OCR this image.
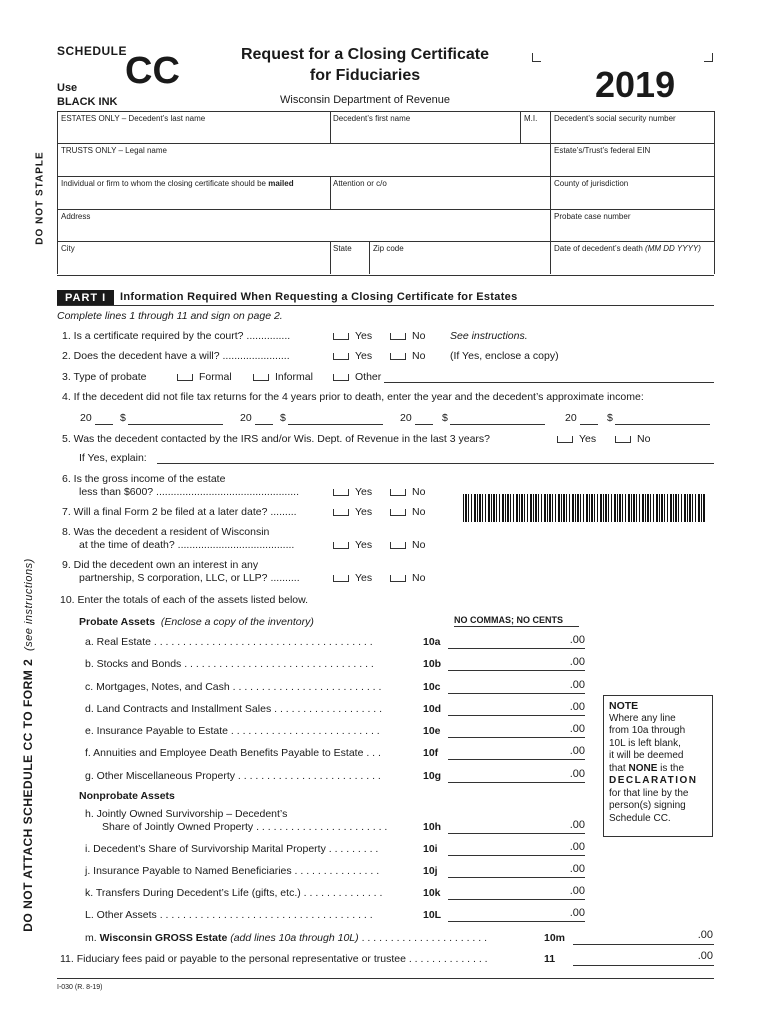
SCHEDULE
CC
Use
BLACK INK
Request for a Closing Certificate
for Fiduciaries
Wisconsin Department of Revenue	2019
DO NOT STAPLE
DO NOT ATTACH SCHEDULE CC TO FORM 2  (see instructions)
ESTATES ONLY – Decedent’s last name	Decedent’s first name	M.I. Decedent’s social security number
TRUSTS ONLY – Legal name	Estate’s/Trust’s federal EIN
Individual or firm to whom the closing certificate should be mailed	Attention or c/o	County of jurisdiction
Address	Probate case number
City	State	Zip code	Date of decedent’s death (MM DD YYYY)
PART I	Information Required When Requesting a Closing Certificate for Estates
Complete lines 1 through 11 and sign on page 2.
1. Is a certificate required by the court? ...............	Yes	No See instructions.
2. Does the decedent have a will? .......................	Yes	No (If Yes, enclose a copy)
3. Type of probate	Formal	Informal	Other
4. If the decedent did not file tax returns for the 4 years prior to death, enter the year and the decedent’s approximate income:
20	$	20	$	20	$	20	$
5. Was the decedent contacted by the IRS and/or Wis. Dept. of Revenue in the last 3 years?	Yes	No
If Yes, explain:
6. Is the gross income of the estate
less than $600? .................................................	Yes	No
7. Will a final Form 2 be filed at a later date? .........	Yes	No
8. Was the decedent a resident of Wisconsin
at the time of death? ........................................	Yes	No
9. Did the decedent own an interest in any
partnership, S corporation, LLC, or LLP? ..........	Yes	No
10. Enter the totals of each of the assets listed below.
Probate Assets (Enclose a copy of the inventory)	NO COMMAS; NO CENTS
a. Real Estate . . . . . . . . . . . . . . . . . . . . . . . . . . . . . . . . . . . . . .	10a	.00
b. Stocks and Bonds . . . . . . . . . . . . . . . . . . . . . . . . . . . . . . . . .	10b	.00
c. Mortgages, Notes, and Cash . . . . . . . . . . . . . . . . . . . . . . . . . .	10c	.00
d. Land Contracts and Installment Sales . . . . . . . . . . . . . . . . . . .	10d	.00
e. Insurance Payable to Estate . . . . . . . . . . . . . . . . . . . . . . . . . .	10e	.00
f. Annuities and Employee Death Benefits Payable to Estate . . .	10f	.00
g. Other Miscellaneous Property . . . . . . . . . . . . . . . . . . . . . . . . .	10g	.00
Nonprobate Assets
h. Jointly Owned Survivorship – Decedent’s
Share of Jointly Owned Property . . . . . . . . . . . . . . . . . . . . . . .	10h	.00
i. Decedent’s Share of Survivorship Marital Property . . . . . . . . .	10i	.00
j. Insurance Payable to Named Beneficiaries . . . . . . . . . . . . . . .	10j	.00
k. Transfers During Decedent’s Life (gifts, etc.) . . . . . . . . . . . . . .	10k	.00
L. Other Assets . . . . . . . . . . . . . . . . . . . . . . . . . . . . . . . . . . . . .	10L	.00
m. Wisconsin GROSS Estate (add lines 10a through 10L) . . . . . . . . . . . . . . . . . . . . . .	10m	.00
11. Fiduciary fees paid or payable to the personal representative or trustee . . . . . . . . . . . . . .	11	.00
NOTE
Where any line
from 10a through
10L is left blank,
it will be deemed
that NONE is the
DECLARATION
for that line by the
person(s) signing
Schedule CC.
I-030 (R. 8-19)
